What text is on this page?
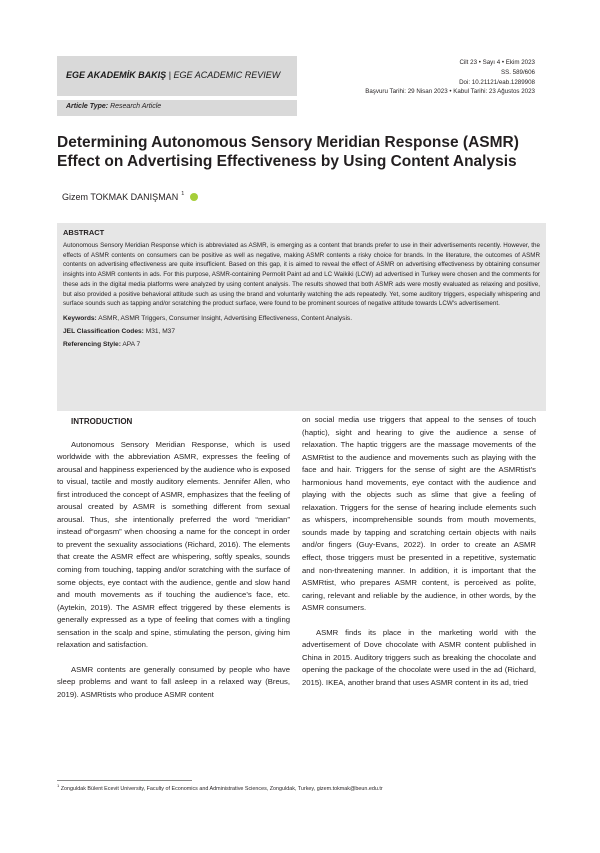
EGE AKADEMİK BAKIŞ | EGE ACADEMIC REVIEW
Cilt 23 • Sayı 4 • Ekim 2023
SS. 589/606
Doi: 10.21121/eab.1289908
Başvuru Tarihi: 29 Nisan 2023 • Kabul Tarihi: 23 Ağustos 2023
Article Type: Research Article
Determining Autonomous Sensory Meridian Response (ASMR) Effect on Advertising Effectiveness by Using Content Analysis
Gizem TOKMAK DANIŞMAN $^1$
ABSTRACT
Autonomous Sensory Meridian Response which is abbreviated as ASMR, is emerging as a content that brands prefer to use in their advertisements recently. However, the effects of ASMR contents on consumers can be positive as well as negative, making ASMR contents a risky choice for brands. In the literature, the outcomes of ASMR contents on advertising effectiveness are quite insufficient. Based on this gap, it is aimed to reveal the effect of ASMR on advertising effectiveness by obtaining consumer insights into ASMR contents in ads. For this purpose, ASMR-containing Permolit Paint ad and LC Waikiki (LCW) ad advertised in Turkey were chosen and the comments for these ads in the digital media platforms were analyzed by using content analysis. The results showed that both ASMR ads were mostly evaluated as relaxing and positive, but also provided a positive behavioral attitude such as using the brand and voluntarily watching the ads repeatedly. Yet, some auditory triggers, especially whispering and surface sounds such as tapping and/or scratching the product surface, were found to be prominent sources of negative attitude towards LCW's advertisement.
Keywords: ASMR, ASMR Triggers, Consumer Insight, Advertising Effectiveness, Content Analysis.
JEL Classification Codes: M31, M37
Referencing Style: APA 7

INTRODUCTION

Autonomous Sensory Meridian Response, which is used worldwide with the abbreviation ASMR, expresses the feeling of arousal and happiness experienced by the audience who is exposed to visual, tactile and mostly auditory elements. Jennifer Allen, who first introduced the concept of ASMR, emphasizes that the feeling of arousal created by ASMR is something different from sexual arousal. Thus, she intentionally preferred the word “meridian” instead of“orgasm” when choosing a name for the concept in order to prevent the sexuality associations (Richard, 2016). The elements that create the ASMR effect are whispering, softly speaks, sounds coming from touching, tapping and/or scratching with the surface of some objects, eye contact with the audience, gentle and slow hand and mouth movements as if touching the audience’s face, etc. (Aytekin, 2019). The ASMR effect triggered by these elements is generally expressed as a type of feeling that comes with a tingling sensation in the scalp and spine, stimulating the person, giving him relaxation and satisfaction.

ASMR contents are generally consumed by people who have sleep problems and want to fall asleep in a relaxed way (Breus, 2019). ASMRtists who produce ASMR content

on social media use triggers that appeal to the senses of touch (haptic), sight and hearing to give the audience a sense of relaxation. The haptic triggers are the massage movements of the ASMRtist to the audience and movements such as playing with the face and hair. Triggers for the sense of sight are the ASMRtist’s harmonious hand movements, eye contact with the audience and playing with the objects such as slime that give a feeling of relaxation. Triggers for the sense of hearing include elements such as whispers, incomprehensible sounds from mouth movements, sounds made by tapping and scratching certain objects with nails and/or fingers (Guy-Evans, 2022). In order to create an ASMR effect, those triggers must be presented in a repetitive, systematic and non-threatening manner. In addition, it is important that the ASMRtist, who prepares ASMR content, is perceived as polite, caring, relevant and reliable by the audience, in other words, by the ASMR consumers.

ASMR finds its place in the marketing world with the advertisement of Dove chocolate with ASMR content published in China in 2015. Auditory triggers such as breaking the chocolate and opening the package of the chocolate were used in the ad (Richard, 2015). IKEA, another brand that uses ASMR content in its ad, tried

$^1$ Zonguldak Bülent Ecevit University, Faculty of Economics and Administrative Sciences, Zonguldak, Turkey, gizem.tokmak@beun.edu.tr
